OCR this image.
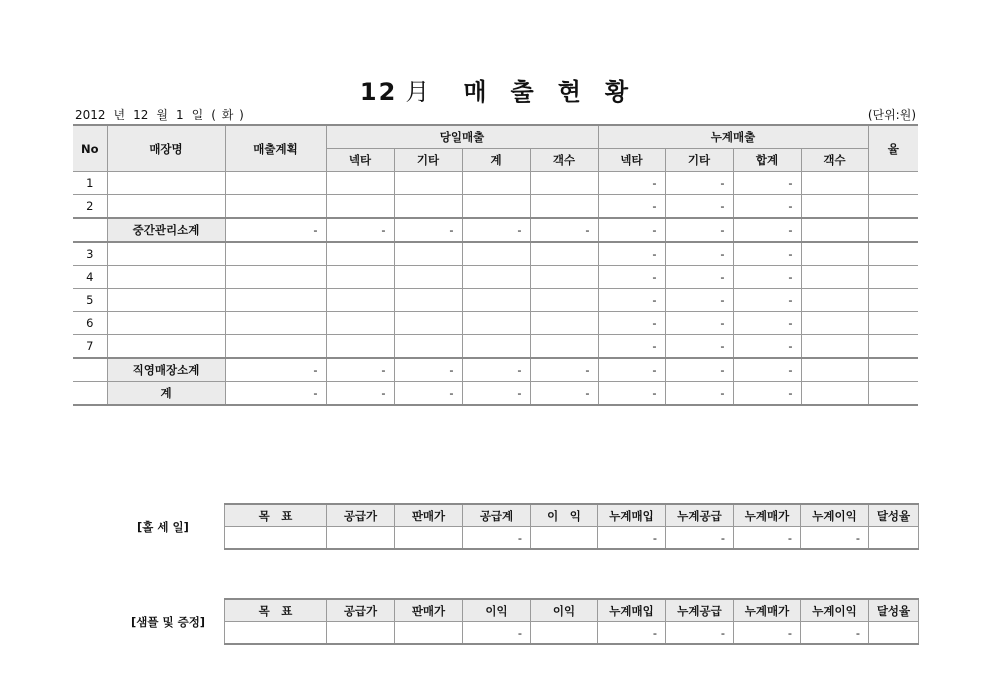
12 月 매 출 현 황
2012 년 12 월 1 일 ( 화 )	(단위:원)
No	매장명	매출계획	당일매출				누계매출				율
			넥타	기타	계	객수	넥타	기타	합계	객수	
1							-	-	-		
2							-	-	-		
	중간관리소계	-	-	-	-	-	-	-	-		
3							-	-	-		
4							-	-	-		
5							-	-	-		
6							-	-	-		
7							-	-	-		
	직영매장소계	-	-	-	-	-	-	-	-		
	계	-	-	-	-	-	-	-	-		
[홀 세 일]
목　표	공급가	판매가	공급계	이　익	누계매입	누계공급	누계매가	누계이익	달성율
			-		-	-	-	-	
[샘플 및 증정]
목　표	공급가	판매가	이익	이익	누계매입	누계공급	누계매가	누계이익	달성율
			-		-	-	-	-	
